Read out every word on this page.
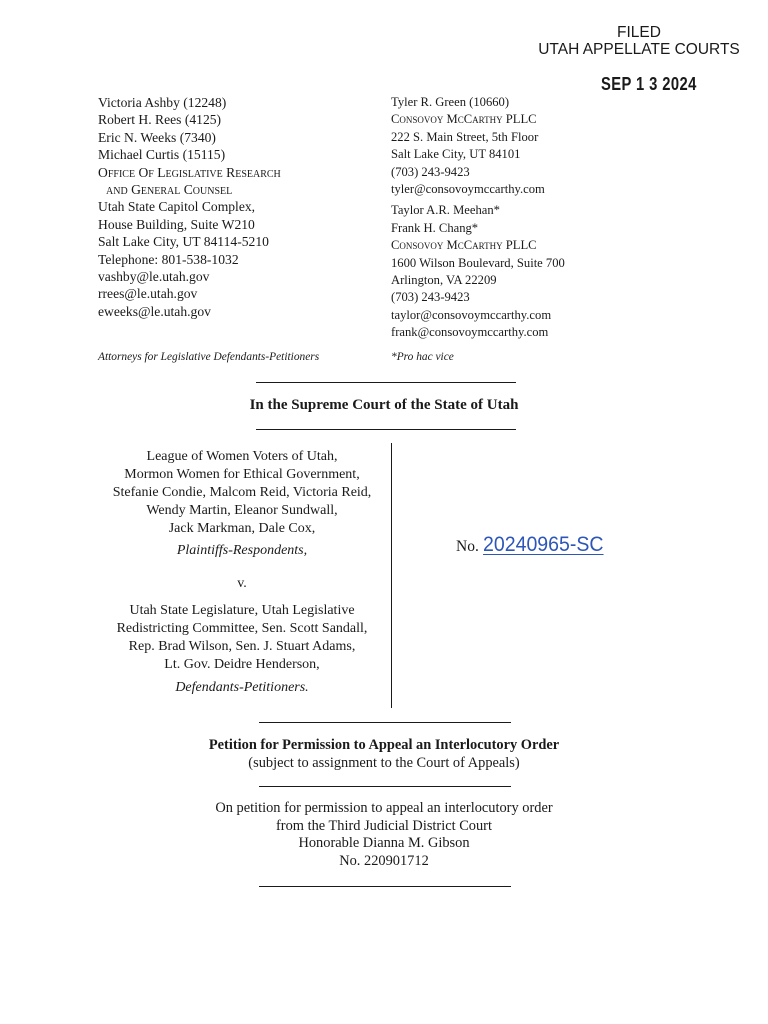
FILED
UTAH APPELLATE COURTS
SEP 1 3 2024
Victoria Ashby (12248)
Robert H. Rees (4125)
Eric N. Weeks (7340)
Michael Curtis (15115)
Office Of Legislative Research
and General Counsel
Utah State Capitol Complex,
House Building, Suite W210
Salt Lake City, UT 84114-5210
Telephone: 801-538-1032
vashby@le.utah.gov
rrees@le.utah.gov
eweeks@le.utah.gov
Attorneys for Legislative Defendants-Petitioners
Tyler R. Green (10660)
Consovoy McCarthy PLLC
222 S. Main Street, 5th Floor
Salt Lake City, UT 84101
(703) 243-9423
tyler@consovoymccarthy.com
Taylor A.R. Meehan*
Frank H. Chang*
Consovoy McCarthy PLLC
1600 Wilson Boulevard, Suite 700
Arlington, VA 22209
(703) 243-9423
taylor@consovoymccarthy.com
frank@consovoymccarthy.com
*Pro hac vice
In the Supreme Court of the State of Utah
League of Women Voters of Utah,
Mormon Women for Ethical Government,
Stefanie Condie, Malcom Reid, Victoria Reid,
Wendy Martin, Eleanor Sundwall,
Jack Markman, Dale Cox,
Plaintiffs-Respondents,
v.
Utah State Legislature, Utah Legislative
Redistricting Committee, Sen. Scott Sandall,
Rep. Brad Wilson, Sen. J. Stuart Adams,
Lt. Gov. Deidre Henderson,
Defendants-Petitioners.
No. 20240965-SC
Petition for Permission to Appeal an Interlocutory Order
(subject to assignment to the Court of Appeals)
On petition for permission to appeal an interlocutory order
from the Third Judicial District Court
Honorable Dianna M. Gibson
No. 220901712
